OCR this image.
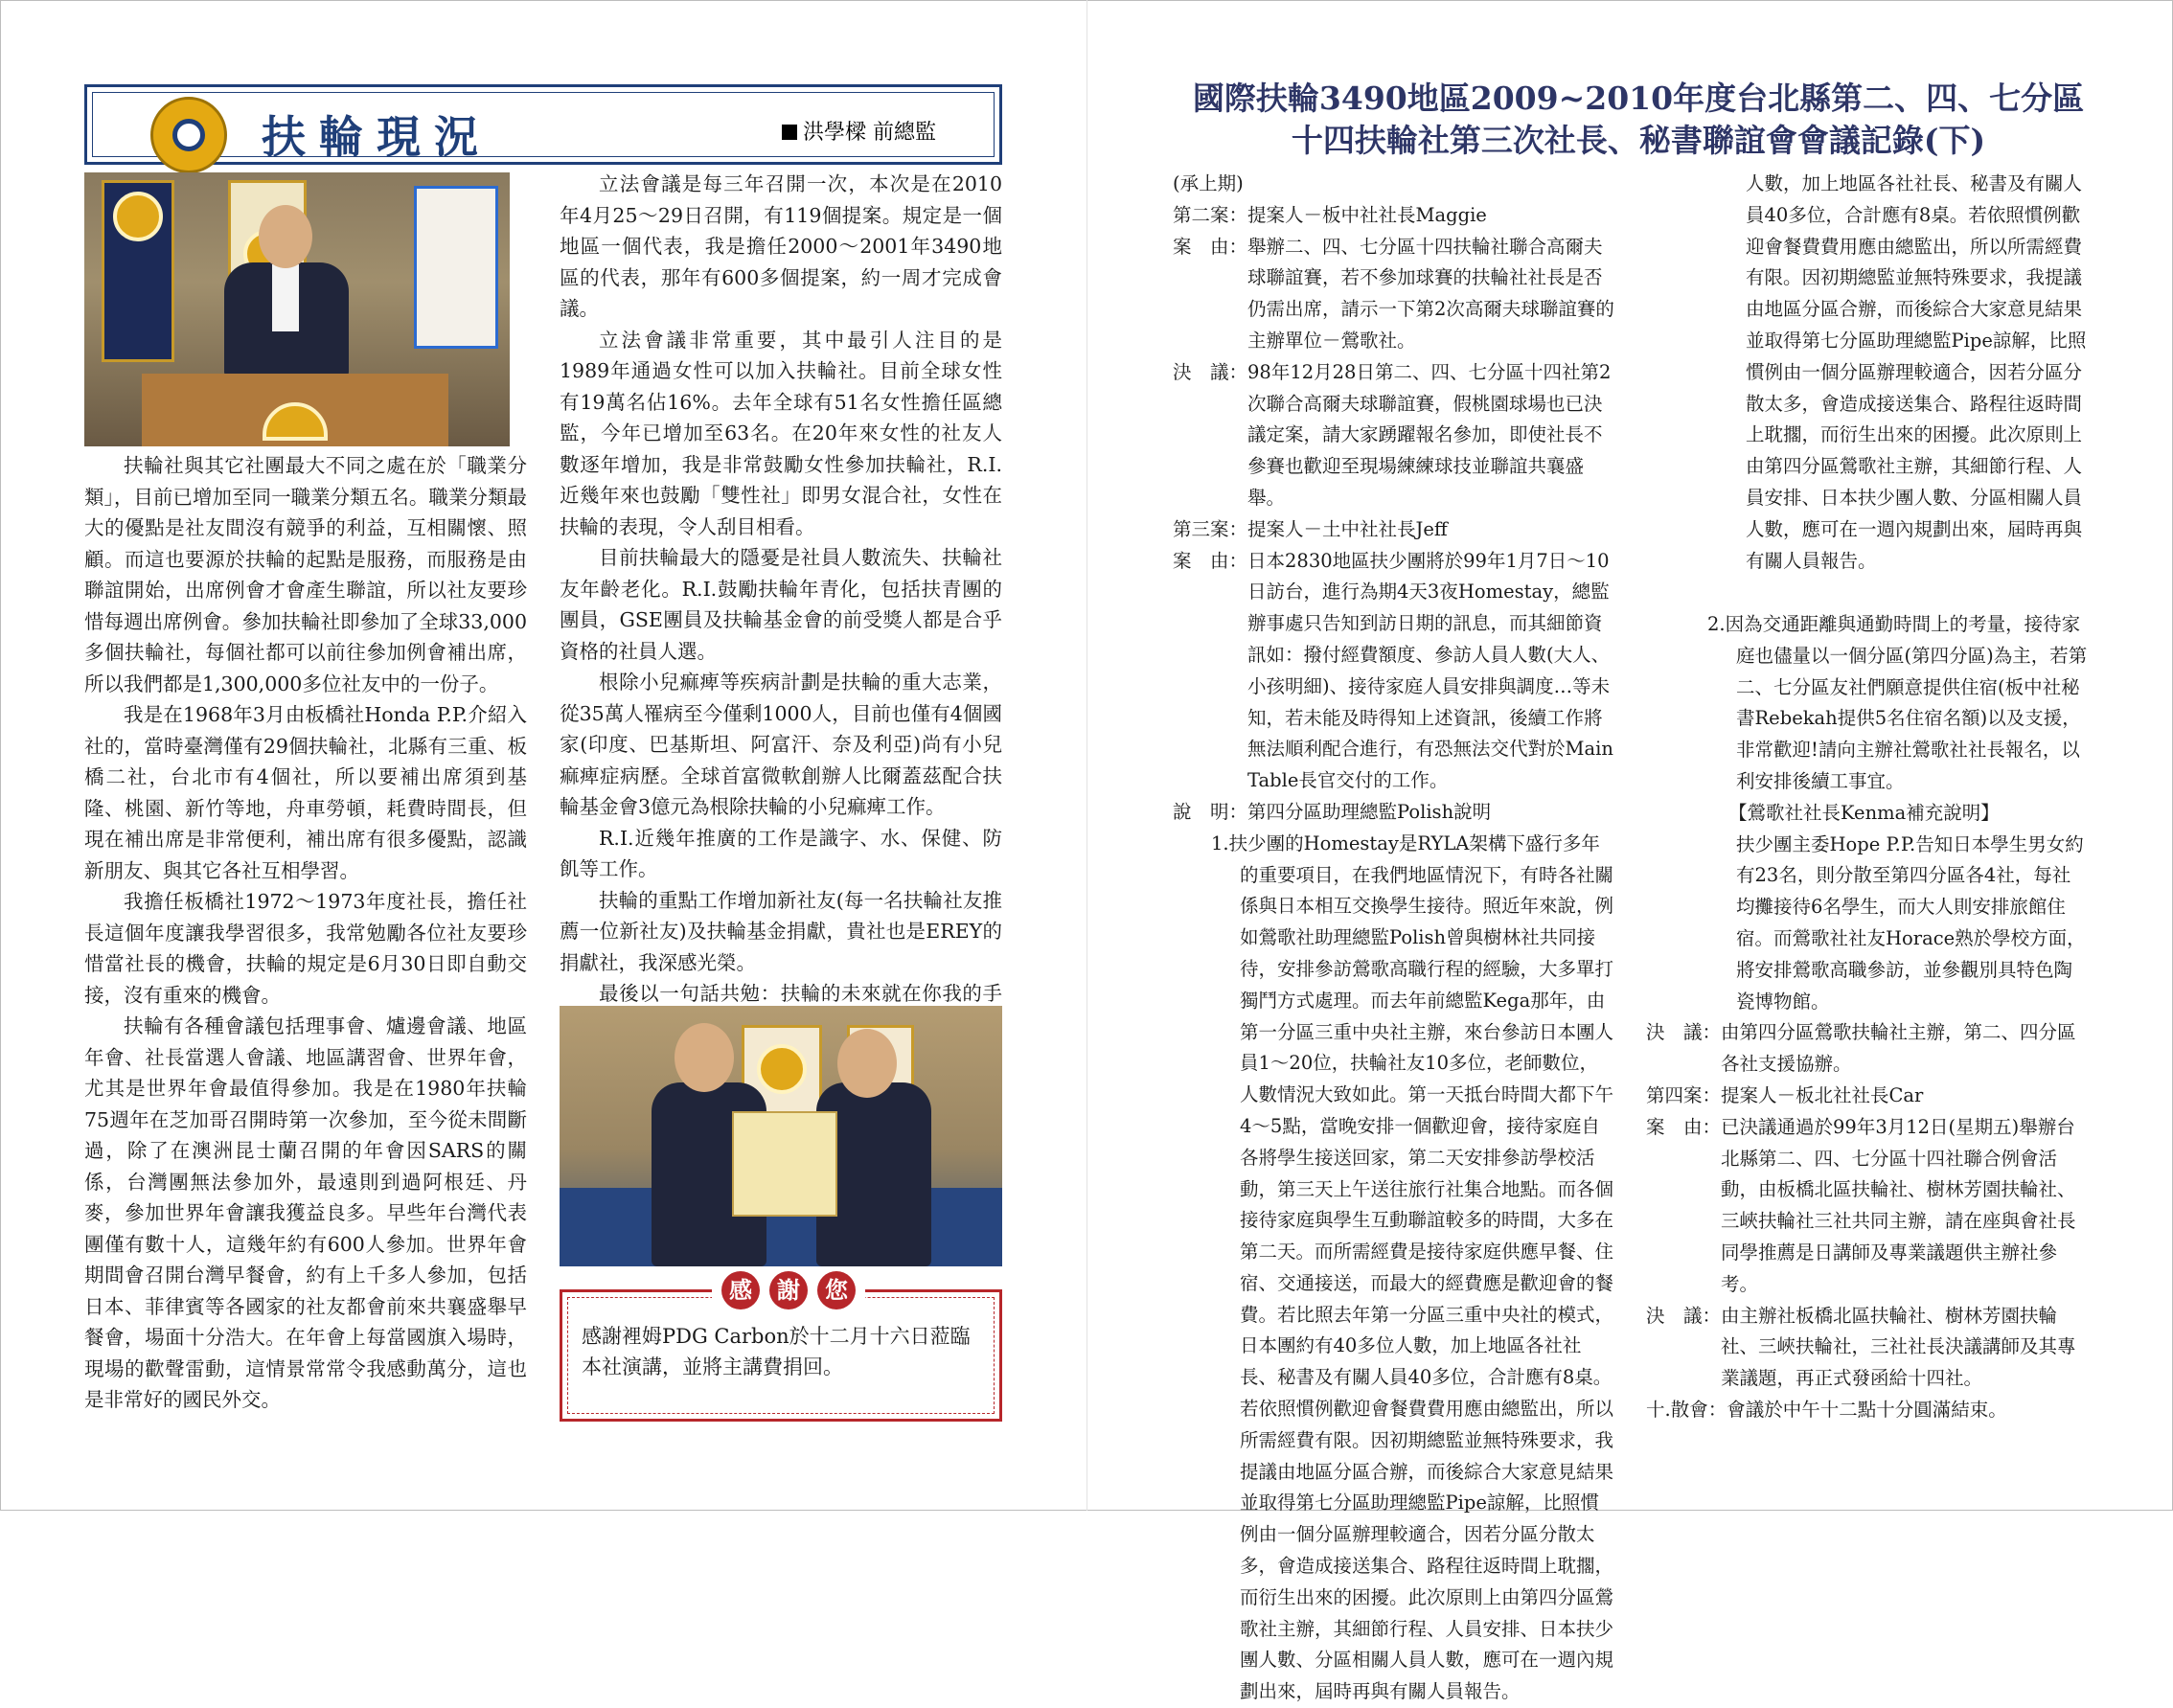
扶輪現況	洪學樑 前總監

扶輪社與其它社團最大不同之處在於「職業分類」，目前已增加至同一職業分類五名。職業分類最大的優點是社友間沒有競爭的利益，互相關懷、照顧。而這也要源於扶輪的起點是服務，而服務是由聯誼開始，出席例會才會產生聯誼，所以社友要珍惜每週出席例會。參加扶輪社即參加了全球33,000多個扶輪社，每個社都可以前往參加例會補出席，所以我們都是1,300,000多位社友中的一份子。

我是在1968年3月由板橋社Honda P.P.介紹入社的，當時臺灣僅有29個扶輪社，北縣有三重、板橋二社，台北市有4個社，所以要補出席須到基隆、桃園、新竹等地，舟車勞頓，耗費時間長，但現在補出席是非常便利，補出席有很多優點，認識新朋友、與其它各社互相學習。

我擔任板橋社1972～1973年度社長，擔任社長這個年度讓我學習很多，我常勉勵各位社友要珍惜當社長的機會，扶輪的規定是6月30日即自動交接，沒有重來的機會。

扶輪有各種會議包括理事會、爐邊會議、地區年會、社長當選人會議、地區講習會、世界年會，尤其是世界年會最值得參加。我是在1980年扶輪75週年在芝加哥召開時第一次參加，至今從未間斷過，除了在澳洲昆士蘭召開的年會因SARS的關係，台灣團無法參加外，最遠則到過阿根廷、丹麥，參加世界年會讓我獲益良多。早些年台灣代表團僅有數十人，這幾年約有600人參加。世界年會期間會召開台灣早餐會，約有上千多人參加，包括日本、菲律賓等各國家的社友都會前來共襄盛舉早餐會，場面十分浩大。在年會上每當國旗入場時，現場的歡聲雷動，這情景常常令我感動萬分，這也是非常好的國民外交。

立法會議是每三年召開一次，本次是在2010年4月25～29日召開，有119個提案。規定是一個地區一個代表，我是擔任2000～2001年3490地區的代表，那年有600多個提案，約一周才完成會議。

立法會議非常重要，其中最引人注目的是1989年通過女性可以加入扶輪社。目前全球女性有19萬名佔16%。去年全球有51名女性擔任區總監，今年已增加至63名。在20年來女性的社友人數逐年增加，我是非常鼓勵女性參加扶輪社，R.I.近幾年來也鼓勵「雙性社」即男女混合社，女性在扶輪的表現，令人刮目相看。

目前扶輪最大的隱憂是社員人數流失、扶輪社友年齡老化。R.I.鼓勵扶輪年青化，包括扶青團的團員，GSE團員及扶輪基金會的前受獎人都是合乎資格的社員人選。

根除小兒痲痺等疾病計劃是扶輪的重大志業，從35萬人罹病至今僅剩1000人，目前也僅有4個國家(印度、巴基斯坦、阿富汗、奈及利亞)尚有小兒痲痺症病歷。全球首富微軟創辦人比爾蓋茲配合扶輪基金會3億元為根除扶輪的小兒痲痺工作。

R.I.近幾年推廣的工作是識字、水、保健、防飢等工作。

扶輪的重點工作增加新社友(每一名扶輪社友推薦一位新社友)及扶輪基金捐獻，貴社也是EREY的捐獻社，我深感光榮。

最後以一句話共勉：扶輪的未來就在你我的手

感	謝	您
感謝裡姆PDG Carbon於十二月十六日蒞臨本社演講，並將主講費捐回。
國際扶輪3490地區2009~2010年度台北縣第二、四、七分區
十四扶輪社第三次社長、秘書聯誼會會議記錄(下)

(承上期)

第二案： 提案人－板中社社長Maggie
案　由： 舉辦二、四、七分區十四扶輪社聯合高爾夫球聯誼賽，若不參加球賽的扶輪社社長是否仍需出席，請示一下第2次高爾夫球聯誼賽的主辦單位－鶯歌社。
決　議： 98年12月28日第二、四、七分區十四社第2次聯合高爾夫球聯誼賽，假桃園球場也已決議定案，請大家踴躍報名參加，即使社長不參賽也歡迎至現場練練球技並聯誼共襄盛舉。
第三案： 提案人－土中社社長Jeff
案　由： 日本2830地區扶少團將於99年1月7日～10日訪台，進行為期4天3夜Homestay，總監辦事處只告知到訪日期的訊息，而其細節資訊如：撥付經費額度、參訪人員人數(大人、小孩明細)、接待家庭人員安排與調度…等未知，若未能及時得知上述資訊，後續工作將無法順利配合進行，有恐無法交代對於Main Table長官交付的工作。
說　明： 第四分區助理總監Polish說明

1.扶少團的Homestay是RYLA架構下盛行多年的重要項目，在我們地區情況下，有時各社關係與日本相互交換學生接待。照近年來說，例如鶯歌社助理總監Polish曾與樹林社共同接待，安排參訪鶯歌高職行程的經驗，大多單打獨鬥方式處理。而去年前總監Kega那年，由第一分區三重中央社主辦，來台參訪日本團人員1～20位，扶輪社友10多位，老師數位，人數情況大致如此。第一天抵台時間大都下午4～5點，當晚安排一個歡迎會，接待家庭自各將學生接送回家，第二天安排參訪學校活動，第三天上午送往旅行社集合地點。而各個接待家庭與學生互動聯誼較多的時間，大多在第二天。而所需經費是接待家庭供應早餐、住宿、交通接送，而最大的經費應是歡迎會的餐費。若比照去年第一分區三重中央社的模式，日本團約有40多位人數，加上地區各社社長、秘書及有關人員40多位，合計應有8桌。若依照慣例歡迎會餐費費用應由總監出，所以所需經費有限。因初期總監並無特殊要求，我提議由地區分區合辦，而後綜合大家意見結果並取得第七分區助理總監Pipe諒解，比照慣例由一個分區辦理較適合，因若分區分散太多，會造成接送集合、路程往返時間上耽擱，而衍生出來的困擾。此次原則上由第四分區鶯歌社主辦，其細節行程、人員安排、日本扶少團人數、分區相關人員人數，應可在一週內規劃出來，屆時再與有關人員報告。

人數，加上地區各社社長、秘書及有關人員40多位，合計應有8桌。若依照慣例歡迎會餐費費用應由總監出，所以所需經費有限。因初期總監並無特殊要求，我提議由地區分區合辦，而後綜合大家意見結果並取得第七分區助理總監Pipe諒解，比照慣例由一個分區辦理較適合，因若分區分散太多，會造成接送集合、路程往返時間上耽擱，而衍生出來的困擾。此次原則上由第四分區鶯歌社主辦，其細節行程、人員安排、日本扶少團人數、分區相關人員人數，應可在一週內規劃出來，屆時再與有關人員報告。

2.因為交通距離與通勤時間上的考量，接待家庭也儘量以一個分區(第四分區)為主，若第二、七分區友社們願意提供住宿(板中社秘書Rebekah提供5名住宿名額)以及支援，非常歡迎!請向主辦社鶯歌社社長報名，以利安排後續工事宜。

【鶯歌社社長Kenma補充說明】

扶少團主委Hope P.P.告知日本學生男女約有23名，則分散至第四分區各4社，每社均攤接待6名學生，而大人則安排旅館住宿。而鶯歌社社友Horace熟於學校方面，將安排鶯歌高職參訪，並參觀別具特色陶瓷博物館。

決　議： 由第四分區鶯歌扶輪社主辦，第二、四分區各社支援協辦。
第四案： 提案人－板北社社長Car
案　由： 已決議通過於99年3月12日(星期五)舉辦台北縣第二、四、七分區十四社聯合例會活動，由板橋北區扶輪社、樹林芳園扶輪社、三峽扶輪社三社共同主辦，請在座與會社長同學推薦是日講師及專業議題供主辦社參考。
決　議： 由主辦社板橋北區扶輪社、樹林芳園扶輪社、三峽扶輪社，三社社長決議講師及其專業議題，再正式發函給十四社。
十.散會： 會議於中午十二點十分圓滿結束。
